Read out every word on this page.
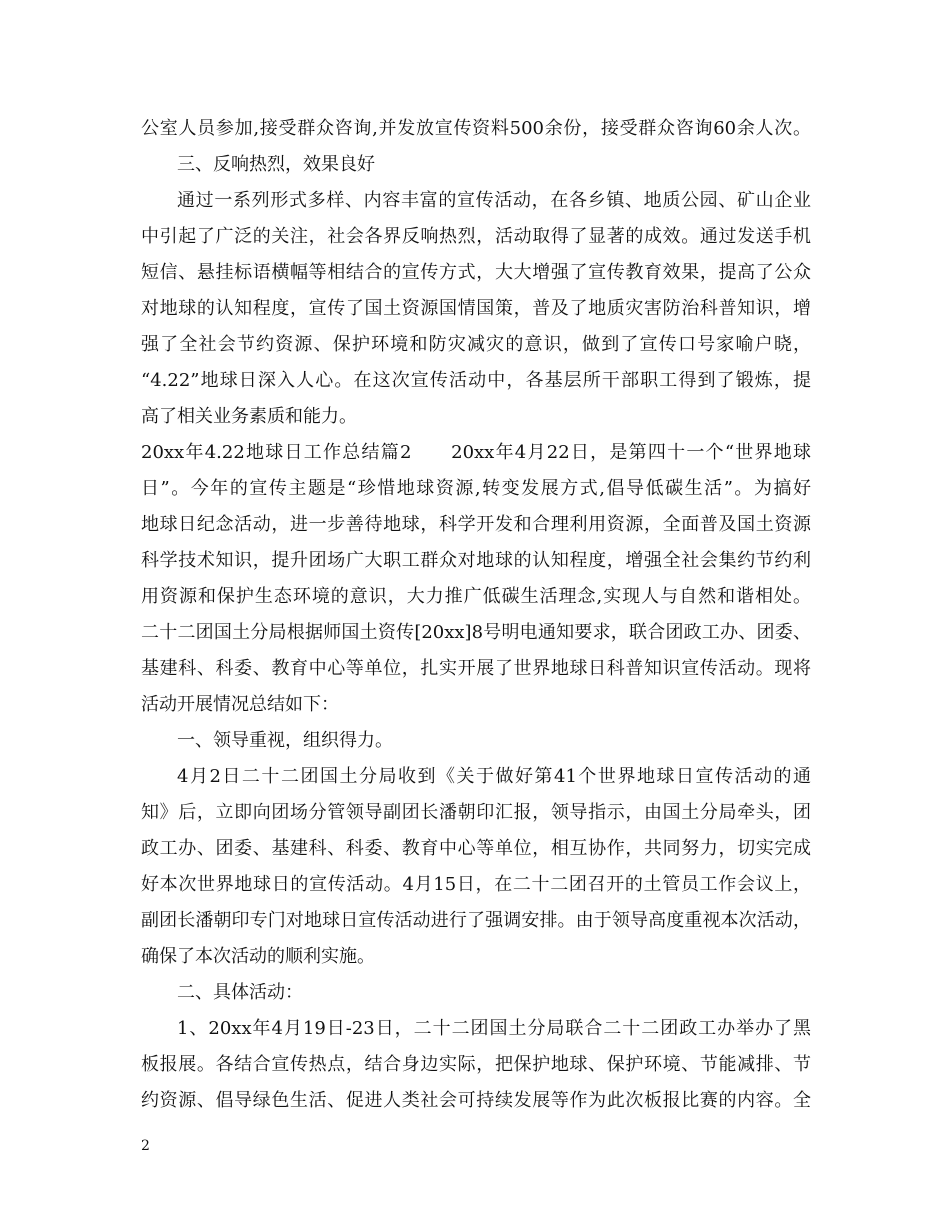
公室人员参加,接受群众咨询,并发放宣传资料500余份，接受群众咨询60余人次。
三、反响热烈，效果良好
通过一系列形式多样、内容丰富的宣传活动，在各乡镇、地质公园、矿山企业
中引起了广泛的关注，社会各界反响热烈，活动取得了显著的成效。通过发送手机
短信、悬挂标语横幅等相结合的宣传方式，大大增强了宣传教育效果，提高了公众
对地球的认知程度，宣传了国土资源国情国策，普及了地质灾害防治科普知识，增
强了全社会节约资源、保护环境和防灾减灾的意识，做到了宣传口号家喻户晓，
“4.22”地球日深入人心。在这次宣传活动中，各基层所干部职工得到了锻炼，提
高了相关业务素质和能力。
20xx年4.22地球日工作总结篇2　　20xx年4月22日，是第四十一个“世界地球
日”。今年的宣传主题是“珍惜地球资源,转变发展方式,倡导低碳生活”。为搞好
地球日纪念活动，进一步善待地球，科学开发和合理利用资源，全面普及国土资源
科学技术知识，提升团场广大职工群众对地球的认知程度，增强全社会集约节约利
用资源和保护生态环境的意识，大力推广低碳生活理念,实现人与自然和谐相处。
二十二团国土分局根据师国土资传[20xx]8号明电通知要求，联合团政工办、团委、
基建科、科委、教育中心等单位，扎实开展了世界地球日科普知识宣传活动。现将
活动开展情况总结如下：
一、领导重视，组织得力。
4月2日二十二团国土分局收到《关于做好第41个世界地球日宣传活动的通
知》后，立即向团场分管领导副团长潘朝印汇报，领导指示，由国土分局牵头，团
政工办、团委、基建科、科委、教育中心等单位，相互协作，共同努力，切实完成
好本次世界地球日的宣传活动。4月15日，在二十二团召开的土管员工作会议上，
副团长潘朝印专门对地球日宣传活动进行了强调安排。由于领导高度重视本次活动，
确保了本次活动的顺利实施。
二、具体活动：
1、20xx年4月19日-23日，二十二团国土分局联合二十二团政工办举办了黑
板报展。各结合宣传热点，结合身边实际，把保护地球、保护环境、节能减排、节
约资源、倡导绿色生活、促进人类社会可持续发展等作为此次板报比赛的内容。全
2
